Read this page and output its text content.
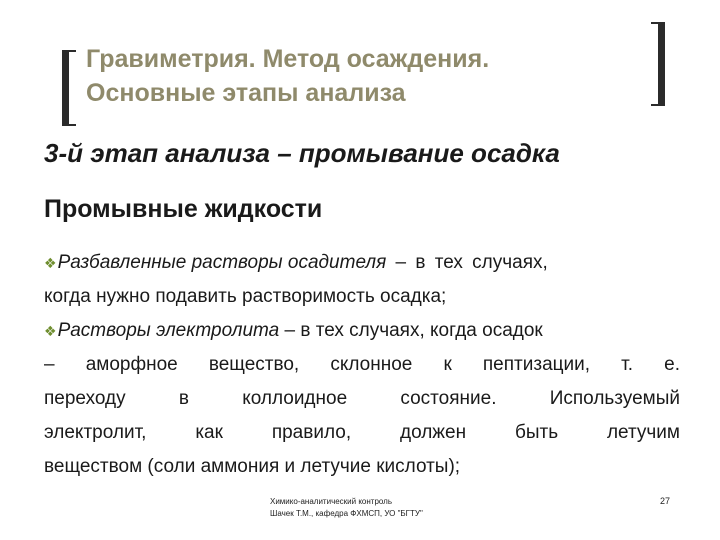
Гравиметрия. Метод осаждения.
Основные этапы анализа
3-й этап анализа – промывание осадка
Промывные жидкости
❖Разбавленные растворы осадителя – в тех случаях,
когда нужно подавить растворимость осадка;
❖Растворы электролита – в тех случаях, когда осадок
– аморфное вещество, склонное к пептизации, т. е.
переходу в коллоидное состояние. Используемый
электролит, как правило, должен быть летучим
веществом (соли аммония и летучие кислоты);
Химико-аналитический контроль
Шачек Т.М., кафедра ФХМСП, УО "БГТУ"
27
